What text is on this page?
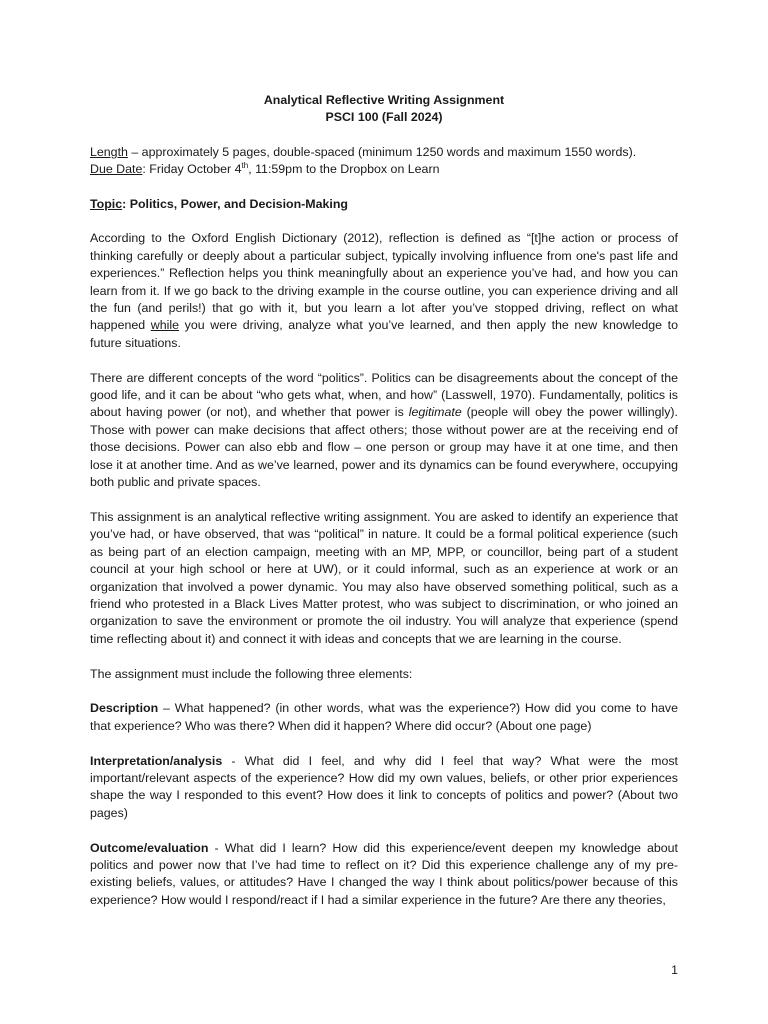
Analytical Reflective Writing Assignment
PSCI 100 (Fall 2024)
Length – approximately 5 pages, double-spaced (minimum 1250 words and maximum 1550 words).
Due Date: Friday October 4th, 11:59pm to the Dropbox on Learn
Topic: Politics, Power, and Decision-Making

According to the Oxford English Dictionary (2012), reflection is defined as “[t]he action or process of thinking carefully or deeply about a particular subject, typically involving influence from one's past life and experiences.” Reflection helps you think meaningfully about an experience you’ve had, and how you can learn from it. If we go back to the driving example in the course outline, you can experience driving and all the fun (and perils!) that go with it, but you learn a lot after you’ve stopped driving, reflect on what happened while you were driving, analyze what you’ve learned, and then apply the new knowledge to future situations.

There are different concepts of the word “politics”. Politics can be disagreements about the concept of the good life, and it can be about “who gets what, when, and how” (Lasswell, 1970). Fundamentally, politics is about having power (or not), and whether that power is legitimate (people will obey the power willingly). Those with power can make decisions that affect others; those without power are at the receiving end of those decisions. Power can also ebb and flow – one person or group may have it at one time, and then lose it at another time. And as we’ve learned, power and its dynamics can be found everywhere, occupying both public and private spaces.

This assignment is an analytical reflective writing assignment. You are asked to identify an experience that you’ve had, or have observed, that was “political” in nature. It could be a formal political experience (such as being part of an election campaign, meeting with an MP, MPP, or councillor, being part of a student council at your high school or here at UW), or it could informal, such as an experience at work or an organization that involved a power dynamic. You may also have observed something political, such as a friend who protested in a Black Lives Matter protest, who was subject to discrimination, or who joined an organization to save the environment or promote the oil industry. You will analyze that experience (spend time reflecting about it) and connect it with ideas and concepts that we are learning in the course.

The assignment must include the following three elements:

Description – What happened? (in other words, what was the experience?) How did you come to have that experience? Who was there? When did it happen? Where did occur? (About one page)

Interpretation/analysis - What did I feel, and why did I feel that way? What were the most important/relevant aspects of the experience? How did my own values, beliefs, or other prior experiences shape the way I responded to this event? How does it link to concepts of politics and power? (About two pages)

Outcome/evaluation - What did I learn? How did this experience/event deepen my knowledge about politics and power now that I’ve had time to reflect on it? Did this experience challenge any of my pre-existing beliefs, values, or attitudes? Have I changed the way I think about politics/power because of this experience? How would I respond/react if I had a similar experience in the future? Are there any theories,

1
